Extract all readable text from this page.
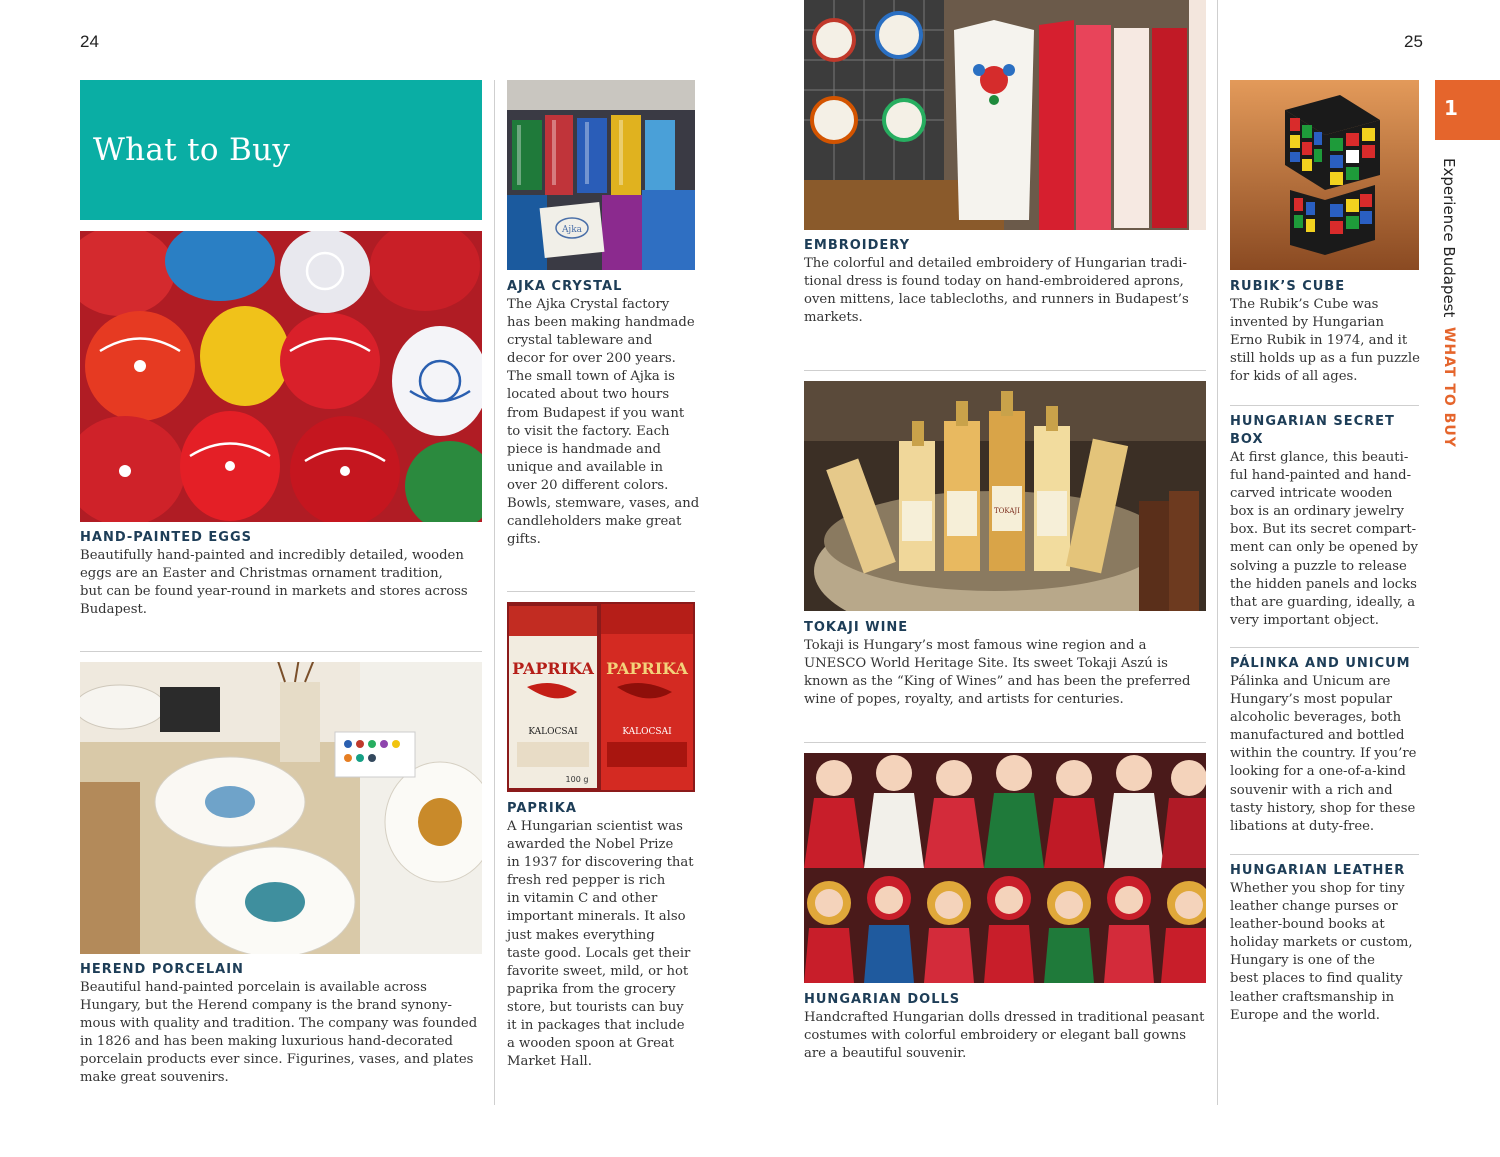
24	25
What to Buy
HAND-PAINTED EGGS
Beautifully hand-painted and incredibly detailed, wooden
eggs are an Easter and Christmas ornament tradition,
but can be found year-round in markets and stores across
Budapest.
HEREND PORCELAIN
Beautiful hand-painted porcelain is available across
Hungary, but the Herend company is the brand synony-
mous with quality and tradition. The company was founded
in 1826 and has been making luxurious hand-decorated
porcelain products ever since. Figurines, vases, and plates
make great souvenirs.
Ajka
AJKA CRYSTAL
The Ajka Crystal factory
has been making handmade
crystal tableware and
decor for over 200 years.
The small town of Ajka is
located about two hours
from Budapest if you want
to visit the factory. Each
piece is handmade and
unique and available in
over 20 different colors.
Bowls, stemware, vases, and
candleholders make great
gifts.
PAPRIKA PAPRIKA
KALOCSAI	KALOCSAI
100 g
PAPRIKA
A Hungarian scientist was
awarded the Nobel Prize
in 1937 for discovering that
fresh red pepper is rich
in vitamin C and other
important minerals. It also
just makes everything
taste good. Locals get their
favorite sweet, mild, or hot
paprika from the grocery
store, but tourists can buy
it in packages that include
a wooden spoon at Great
Market Hall.
EMBROIDERY
The colorful and detailed embroidery of Hungarian tradi-
tional dress is found today on hand-embroidered aprons,
oven mittens, lace tablecloths, and runners in Budapest’s
markets.
TOKAJI
TOKAJI WINE
Tokaji is Hungary’s most famous wine region and a
UNESCO World Heritage Site. Its sweet Tokaji Aszú is
known as the “King of Wines” and has been the preferred
wine of popes, royalty, and artists for centuries.
HUNGARIAN DOLLS
Handcrafted Hungarian dolls dressed in traditional peasant
costumes with colorful embroidery or elegant ball gowns
are a beautiful souvenir.
RUBIK’S CUBE
The Rubik’s Cube was
invented by Hungarian
Erno Rubik in 1974, and it
still holds up as a fun puzzle
for kids of all ages.
HUNGARIAN SECRET
BOX
At first glance, this beauti-
ful hand-painted and hand-
carved intricate wooden
box is an ordinary jewelry
box. But its secret compart-
ment can only be opened by
solving a puzzle to release
the hidden panels and locks
that are guarding, ideally, a
very important object.
PÁLINKA AND UNICUM
Pálinka and Unicum are
Hungary’s most popular
alcoholic beverages, both
manufactured and bottled
within the country. If you’re
looking for a one-of-a-kind
souvenir with a rich and
tasty history, shop for these
libations at duty-free.
HUNGARIAN LEATHER
Whether you shop for tiny
leather change purses or
leather-bound books at
holiday markets or custom,
Hungary is one of the
best places to find quality
leather craftsmanship in
Europe and the world.
1
Experience BudapestWHAT TO BUY
